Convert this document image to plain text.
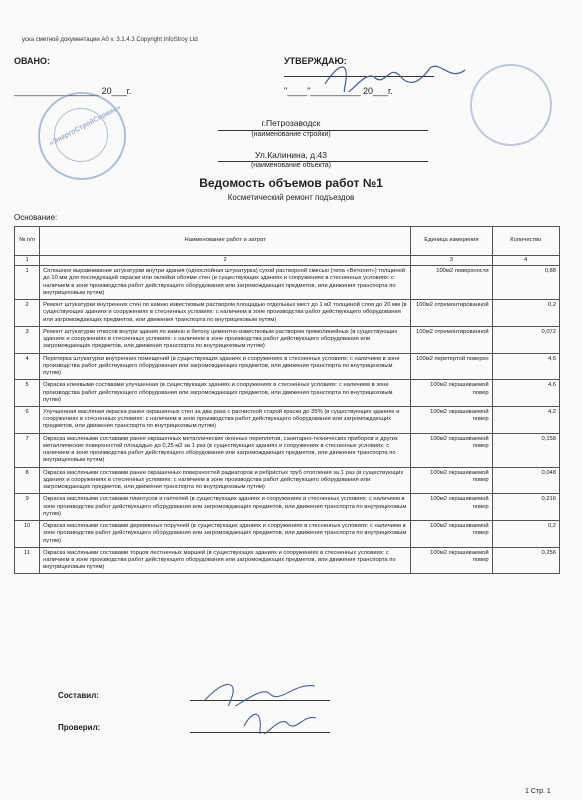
уска сметной документации А0 v. 3.1.4.3 Copyright InfoStroy Ltd
ОВАНО:	УТВЕРЖДАЮ:
_________________ 20___г.	"____"__________ 20___г.
«ЭнергоСтройСервис»	г.Петрозаводск
(наименование стройки)
Ул.Калинина, д.43
(наименование объекта)
Ведомость объемов работ №1
Косметический ремонт подъездов
Основание:
№ п/п	Наименование работ и затрат	Единица измерения	Количество
1	2	3	4
1	Сплошное выравнивание штукатурки внутри здания (однослойная штукатурка) сухой растворной смесью (типа «Ветонит») толщиной до 10 мм для последующей окраски или оклейки обоями стен (в существующих зданиях и сооружениях в стесненных условиях: с наличием в зоне производства работ действующего оборудования или загромождающих предметов, или движения транспорта по внутрицеховым путям)	100м2 поверхности	0,88
2	Ремонт штукатурки внутренних стен по камню известковым раствором площадью отдельных мест до 1 м2 толщиной слоя до 20 мм (в существующих зданиях и сооружениях в стесненных условиях: с наличием в зоне производства работ действующего оборудования или загромождающих предметов, или движения транспорта по внутрицеховым путям)	100м2 отремонтированной	0,2
3	Ремонт штукатурки откосов внутри здания по камню и бетону цементно-известковым раствором прямолинейных (в существующих зданиях и сооружениях в стесненных условиях: с наличием в зоне производства работ действующего оборудования или загромождающих предметов, или движения транспорта по внутрицеховым путям)	100м2 отремонтированной	0,072
4	Перетирка штукатурки внутренних помещений (в существующих зданиях и сооружениях в стесненных условиях: с наличием в зоне производства работ действующего оборудования или загромождающих предметов, или движения транспорта по внутрицеховым путям)	100м2 перетертой поверхн	4,6
5	Окраска клеевыми составами улучшенная (в существующих зданиях и сооружениях в стесненных условиях: с наличием в зоне производства работ действующего оборудования или загромождающих предметов, или движения транспорта по внутрицеховым путям)	100м2 окрашиваемой повер	4,6
6	Улучшенная масляная окраска ранее окрашенных стен за два раза с расчисткой старой краски до 35% (в существующих зданиях и сооружениях в стесненных условиях: с наличием в зоне производства работ действующего оборудования или загромождающих предметов, или движения транспорта по внутрицеховым путям)	100м2 окрашиваемой повер	4,2
7	Окраска масляными составами ранее окрашенных металлических оконных переплетов, санитарно-технических приборов и других металлических поверхностей площадью до 0,25 м2 за 1 раз (в существующих зданиях и сооружениях в стесненных условиях: с наличием в зоне производства работ действующего оборудования или загромождающих предметов, или движения транспорта по внутрицеховым путям)	100м2 окрашиваемой повер	0,158
8	Окраска масляными составами ранее окрашенных поверхностей радиаторов и ребристых труб отопления за 1 раз (в существующих зданиях и сооружениях в стесненных условиях: с наличием в зоне производства работ действующего оборудования или загромождающих предметов, или движения транспорта по внутрицеховым путям)	100м2 окрашиваемой повер	0,048
9	Окраска масляными составами плинтусов и галтелей (в существующих зданиях и сооружениях в стесненных условиях: с наличием в зоне производства работ действующего оборудования или загромождающих предметов, или движения транспорта по внутрицеховым путям)	100м2 окрашиваемой повер	0,216
10	Окраска масляными составами деревянных поручней (в существующих зданиях и сооружениях в стесненных условиях: с наличием в зоне производства работ действующего оборудования или загромождающих предметов, или движения транспорта по внутрицеховым путям)	100м2 окрашиваемой повер	0,2
11	Окраска масляными составами торцов лестничных маршей (в существующих зданиях и сооружениях в стесненных условиях: с наличием в зоне производства работ действующего оборудования или загромождающих предметов, или движения транспорта по внутрицеховым путям)	100м2 окрашиваемой повер	0,256
Составил:
Проверил:
1 Стр. 1
